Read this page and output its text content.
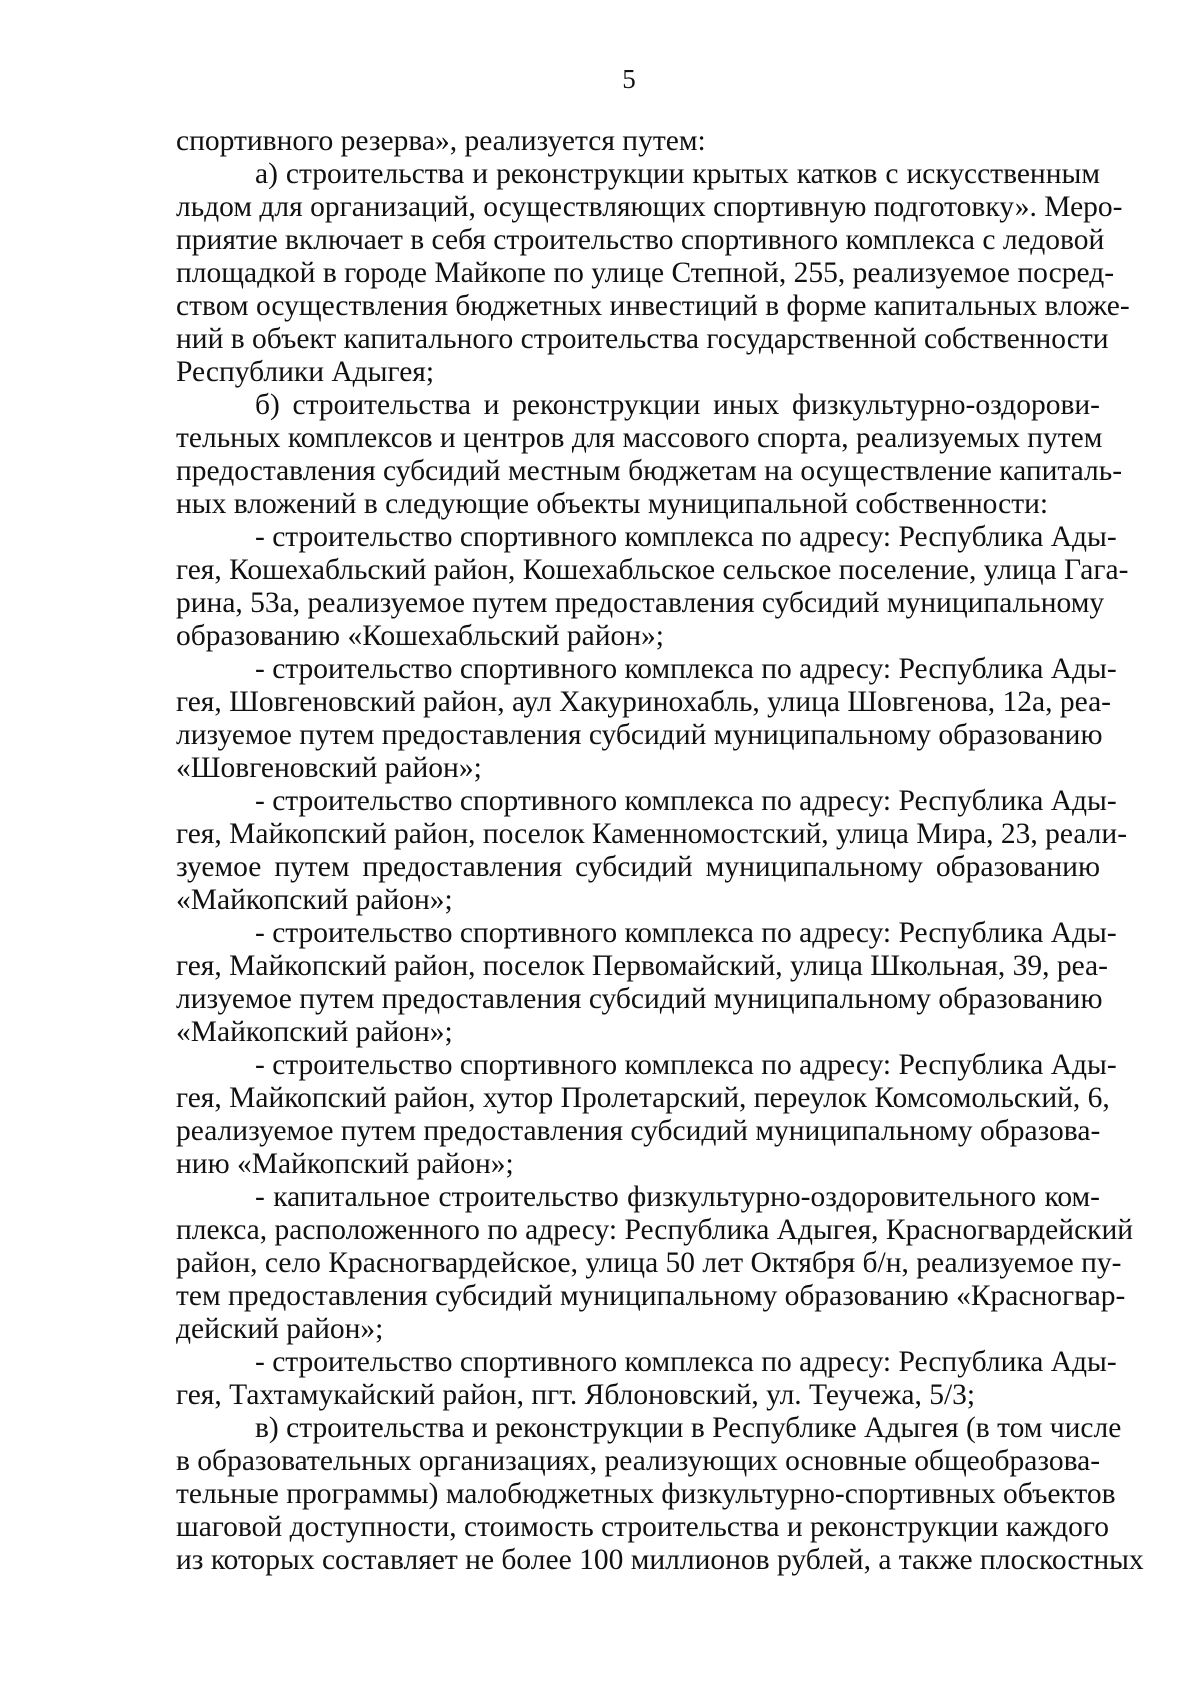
5
спортивного резерва», реализуется путем:
а) строительства и реконструкции крытых катков с искусственным
льдом для организаций, осуществляющих спортивную подготовку». Меро-
приятие включает в себя строительство спортивного комплекса с ледовой
площадкой в городе Майкопе по улице Степной, 255, реализуемое посред-
ством осуществления бюджетных инвестиций в форме капитальных вложе-
ний в объект капитального строительства государственной собственности
Республики Адыгея;
б) строительства и реконструкции иных физкультурно-оздорови-
тельных комплексов и центров для массового спорта, реализуемых путем
предоставления субсидий местным бюджетам на осуществление капиталь-
ных вложений в следующие объекты муниципальной собственности:
- строительство спортивного комплекса по адресу: Республика Ады-
гея, Кошехабльский район, Кошехабльское сельское поселение, улица Гага-
рина, 53а, реализуемое путем предоставления субсидий муниципальному
образованию «Кошехабльский район»;
- строительство спортивного комплекса по адресу: Республика Ады-
гея, Шовгеновский район, аул Хакуринохабль, улица Шовгенова, 12а, реа-
лизуемое путем предоставления субсидий муниципальному образованию
«Шовгеновский район»;
- строительство спортивного комплекса по адресу: Республика Ады-
гея, Майкопский район, поселок Каменномостский, улица Мира, 23, реали-
зуемое путем предоставления субсидий муниципальному образованию
«Майкопский район»;
- строительство спортивного комплекса по адресу: Республика Ады-
гея, Майкопский район, поселок Первомайский, улица Школьная, 39, реа-
лизуемое путем предоставления субсидий муниципальному образованию
«Майкопский район»;
- строительство спортивного комплекса по адресу: Республика Ады-
гея, Майкопский район, хутор Пролетарский, переулок Комсомольский, 6,
реализуемое путем предоставления субсидий муниципальному образова-
нию «Майкопский район»;
- капитальное строительство физкультурно-оздоровительного ком-
плекса, расположенного по адресу: Республика Адыгея, Красногвардейский
район, село Красногвардейское, улица 50 лет Октября б/н, реализуемое пу-
тем предоставления субсидий муниципальному образованию «Красногвар-
дейский район»;
- строительство спортивного комплекса по адресу: Республика Ады-
гея, Тахтамукайский район, пгт. Яблоновский, ул. Теучежа, 5/3;
в) строительства и реконструкции в Республике Адыгея (в том числе
в образовательных организациях, реализующих основные общеобразова-
тельные программы) малобюджетных физкультурно-спортивных объектов
шаговой доступности, стоимость строительства и реконструкции каждого
из которых составляет не более 100 миллионов рублей, а также плоскостных
